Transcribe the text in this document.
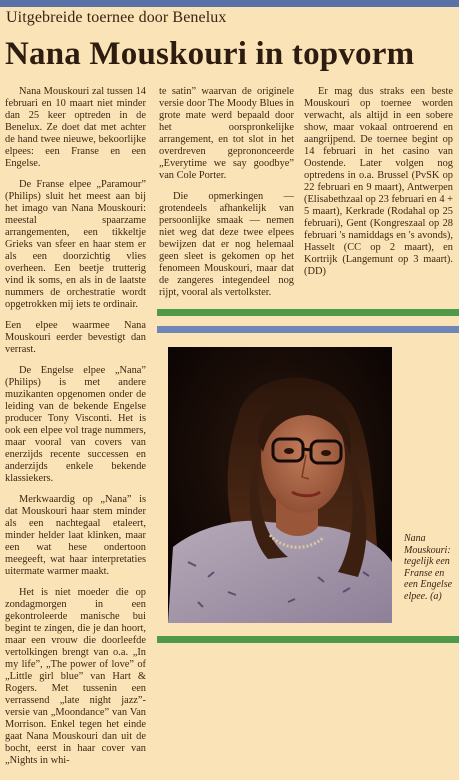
Uitgebreide toernee door Benelux
Nana Mouskouri in topvorm

Nana Mouskouri zal tussen 14 februari en 10 maart niet minder dan 25 keer optreden in de Benelux. Ze doet dat met achter de hand twee nieuwe, bekoorlijke elpees: een Franse en een Engelse.

De Franse elpee „Paramour” (Philips) sluit het meest aan bij het imago van Nana Mouskouri: meestal spaarzame arrangementen, een tikkeltje Grieks van sfeer en haar stem er als een doorzichtig vlies overheen. Een beetje trutterig vind ik soms, en als in de laatste nummers de orchestratie wordt opgetrokken mij iets te ordinair.

Een elpee waarmee Nana Mouskouri eerder bevestigt dan verrast.

De Engelse elpee „Nana” (Philips) is met andere muzikanten opgenomen onder de leiding van de bekende Engelse producer Tony Visconti. Het is ook een elpee vol trage nummers, maar vooral van covers van enerzijds recente successen en anderzijds enkele bekende klassiekers.

Merkwaardig op „Nana” is dat Mouskouri haar stem minder als een nachtegaal etaleert, minder helder laat klinken, maar een wat hese ondertoon meegeeft, wat haar interpretaties uitermate warmer maakt.

Het is niet moeder die op zondagmorgen in een gekontroleerde manische bui begint te zingen, die je dan hoort, maar een vrouw die doorleefde vertolkingen brengt van o.a. „In my life”, „The power of love” of „Little girl blue” van Hart & Rogers. Met tussenin een verrassend „late night jazz”-versie van „Moondance” van Van Morrison. Enkel tegen het einde gaat Nana Mouskouri dan uit de bocht, eerst in haar cover van „Nights in whi-

te satin” waarvan de originele versie door The Moody Blues in grote mate werd bepaald door het oorspronkelijke arrangement, en tot slot in het overdreven geprononceerde „Everytime we say goodbye” van Cole Porter.

Die opmerkingen — grotendeels afhankelijk van persoonlijke smaak — nemen niet weg dat deze twee elpees bewijzen dat er nog helemaal geen sleet is gekomen op het fenomeen Mouskouri, maar dat de zangeres integendeel nog rijpt, vooral als vertolkster.

Er mag dus straks een beste Mouskouri op toernee worden verwacht, als altijd in een sobere show, maar vokaal ontroerend en aangrijpend. De toernee begint op 14 februari in het casino van Oostende. Later volgen nog optredens in o.a. Brussel (PvSK op 22 februari en 9 maart), Antwerpen (Elisabethzaal op 23 februari en 4 + 5 maart), Kerkrade (Rodahal op 25 februari), Gent (Kongreszaal op 28 februari 's namiddags en 's avonds), Hasselt (CC op 2 maart), en Kortrijk (Langemunt op 3 maart). (DD)

Nana Mouskouri: tegelijk een Franse en een Engelse elpee. (a)
